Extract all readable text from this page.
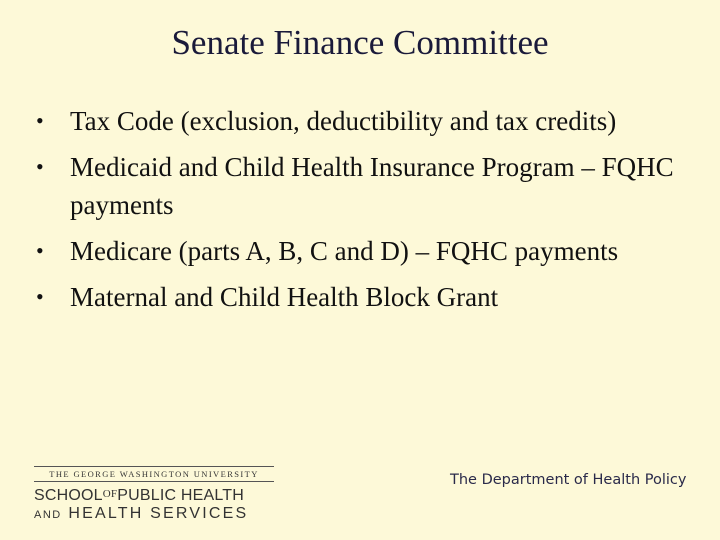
Senate Finance Committee
• Tax Code (exclusion, deductibility and tax credits)
• Medicaid and Child Health Insurance Program – FQHC payments
• Medicare (parts A, B, C and D) – FQHC payments
• Maternal and Child Health Block Grant
THE GEORGE WASHINGTON UNIVERSITY
SCHOOLOFPUBLIC HEALTH
AND HEALTH SERVICES
The Department of Health Policy
